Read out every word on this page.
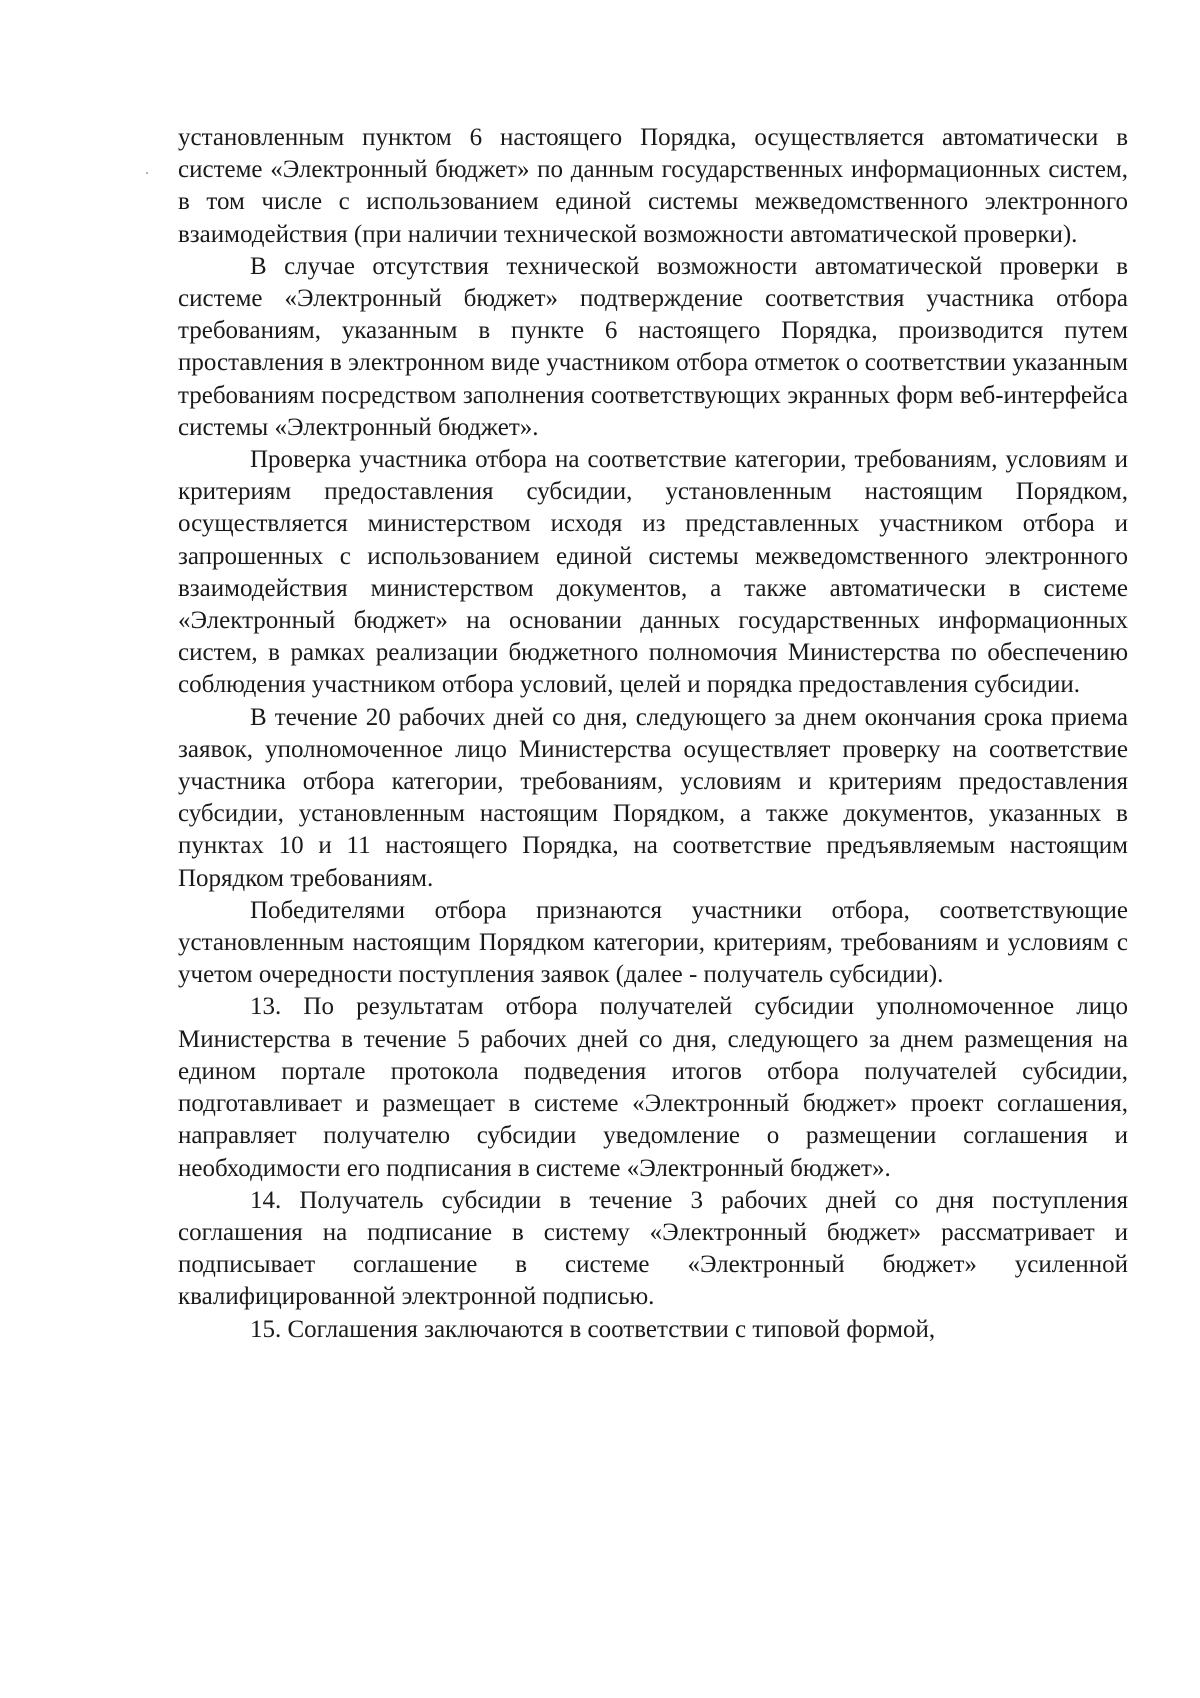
установленным пунктом 6 настоящего Порядка, осуществляется автоматически в системе «Электронный бюджет» по данным государственных информационных систем, в том числе с использованием единой системы межведомственного электронного взаимодействия (при наличии технической возможности автоматической проверки).

В случае отсутствия технической возможности автоматической проверки в системе «Электронный бюджет» подтверждение соответствия участника отбора требованиям, указанным в пункте 6 настоящего Порядка, производится путем проставления в электронном виде участником отбора отметок о соответствии указанным требованиям посредством заполнения соответствующих экранных форм веб-интерфейса системы «Электронный бюджет».

Проверка участника отбора на соответствие категории, требованиям, условиям и критериям предоставления субсидии, установленным настоящим Порядком, осуществляется министерством исходя из представленных участником отбора и запрошенных с использованием единой системы межведомственного электронного взаимодействия министерством документов, а также автоматически в системе «Электронный бюджет» на основании данных государственных информационных систем, в рамках реализации бюджетного полномочия Министерства по обеспечению соблюдения участником отбора условий, целей и порядка предоставления субсидии.

В течение 20 рабочих дней со дня, следующего за днем окончания срока приема заявок, уполномоченное лицо Министерства осуществляет проверку на соответствие участника отбора категории, требованиям, условиям и критериям предоставления субсидии, установленным настоящим Порядком, а также документов, указанных в пунктах 10 и 11 настоящего Порядка, на соответствие предъявляемым настоящим Порядком требованиям.

Победителями отбора признаются участники отбора, соответствующие установленным настоящим Порядком категории, критериям, требованиям и условиям с учетом очередности поступления заявок (далее - получатель субсидии).

13. По результатам отбора получателей субсидии уполномоченное лицо Министерства в течение 5 рабочих дней со дня, следующего за днем размещения на едином портале протокола подведения итогов отбора получателей субсидии, подготавливает и размещает в системе «Электронный бюджет» проект соглашения, направляет получателю субсидии уведомление о размещении соглашения и необходимости его подписания в системе «Электронный бюджет».

14. Получатель субсидии в течение 3 рабочих дней со дня поступления соглашения на подписание в систему «Электронный бюджет» рассматривает и подписывает соглашение в системе «Электронный бюджет» усиленной квалифицированной электронной подписью.

15. Соглашения заключаются в соответствии с типовой формой,
